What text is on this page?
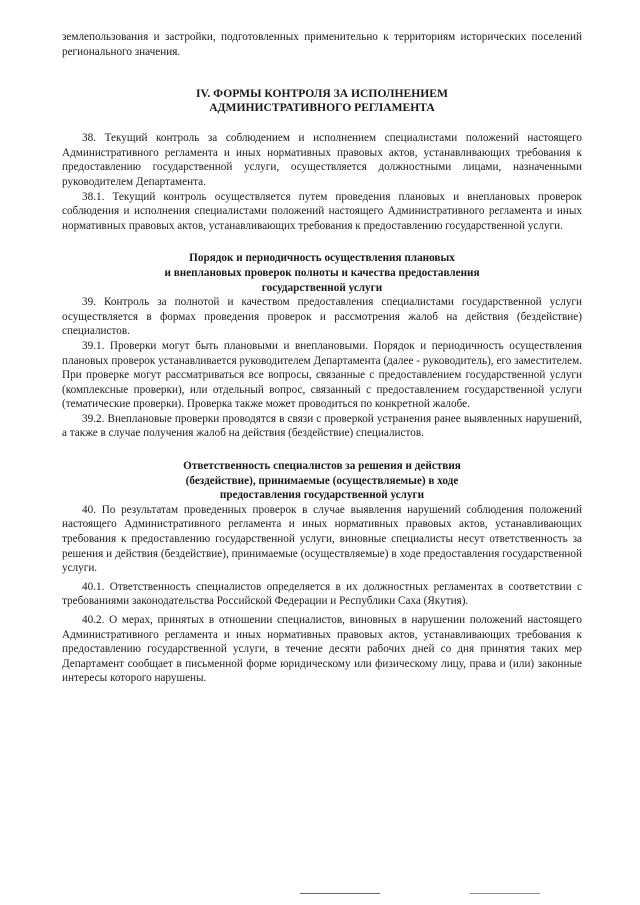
землепользования и застройки, подготовленных применительно к территориям исторических поселений регионального значения.

IV. ФОРМЫ КОНТРОЛЯ ЗА ИСПОЛНЕНИЕМ
АДМИНИСТРАТИВНОГО РЕГЛАМЕНТА

38. Текущий контроль за соблюдением и исполнением специалистами положений настоящего Административного регламента и иных нормативных правовых актов, устанавливающих требования к предоставлению государственной услуги, осуществляется должностными лицами, назначенными руководителем Департамента.

38.1. Текущий контроль осуществляется путем проведения плановых и внеплановых проверок соблюдения и исполнения специалистами положений настоящего Административного регламента и иных нормативных правовых актов, устанавливающих требования к предоставлению государственной услуги.

Порядок и периодичность осуществления плановых
и внеплановых проверок полноты и качества предоставления
государственной услуги

39. Контроль за полнотой и качеством предоставления специалистами государственной услуги осуществляется в формах проведения проверок и рассмотрения жалоб на действия (бездействие) специалистов.

39.1. Проверки могут быть плановыми и внеплановыми. Порядок и периодичность осуществления плановых проверок устанавливается руководителем Департамента (далее - руководитель), его заместителем. При проверке могут рассматриваться все вопросы, связанные с предоставлением государственной услуги (комплексные проверки), или отдельный вопрос, связанный с предоставлением государственной услуги (тематические проверки). Проверка также может проводиться по конкретной жалобе.

39.2. Внеплановые проверки проводятся в связи с проверкой устранения ранее выявленных нарушений, а также в случае получения жалоб на действия (бездействие) специалистов.

Ответственность специалистов за решения и действия
(бездействие), принимаемые (осуществляемые) в ходе
предоставления государственной услуги

40. По результатам проведенных проверок в случае выявления нарушений соблюдения положений настоящего Административного регламента и иных нормативных правовых актов, устанавливающих требования к предоставлению государственной услуги, виновные специалисты несут ответственность за решения и действия (бездействие), принимаемые (осуществляемые) в ходе предоставления государственной услуги.

40.1. Ответственность специалистов определяется в их должностных регламентах в соответствии с требованиями законодательства Российской Федерации и Республики Саха (Якутия).

40.2. О мерах, принятых в отношении специалистов, виновных в нарушении положений настоящего Административного регламента и иных нормативных правовых актов, устанавливающих требования к предоставлению государственной услуги, в течение десяти рабочих дней со дня принятия таких мер Департамент сообщает в письменной форме юридическому или физическому лицу, права и (или) законные интересы которого нарушены.
